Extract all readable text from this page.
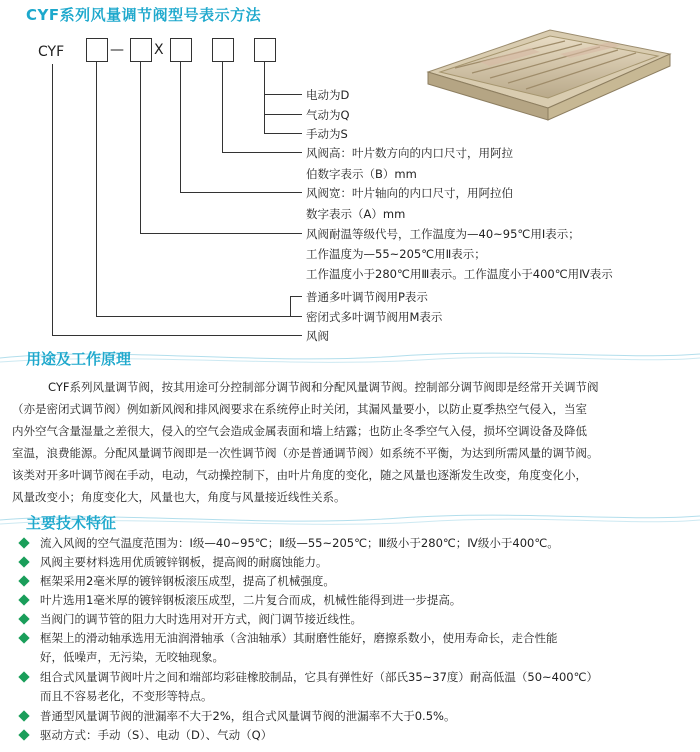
CYF系列风量调节阀型号表示方法
CYF	— X
电动为D
气动为Q
手动为S
风阀高：叶片数方向的内口尺寸，用阿拉
伯数字表示（B）mm
风阀宽：叶片轴向的内口尺寸，用阿拉伯
数字表示（A）mm
风阀耐温等级代号，工作温度为—40~95℃用Ⅰ表示；
工作温度为—55~205℃用Ⅱ表示；
工作温度小于280℃用Ⅲ表示。工作温度小于400℃用Ⅳ表示
普通多叶调节阀用P表示
密闭式多叶调节阀用M表示
风阀
用途及工作原理

CYF系列风量调节阀，按其用途可分控制部分调节阀和分配风量调节阀。控制部分调节阀即是经常开关调节阀

（亦是密闭式调节阀）例如新风阀和排风阀要求在系统停止时关闭，其漏风量要小，以防止夏季热空气侵入，当室

内外空气含量湿量之差很大，侵入的空气会造成金属表面和墙上结露；也防止冬季空气入侵，损坏空调设备及降低

室温，浪费能源。分配风量调节阀即是一次性调节阀（亦是普通调节阀）如系统不平衡，为达到所需风量的调节阀。

该类对开多叶调节阀在手动，电动，气动操控制下，由叶片角度的变化，随之风量也逐渐发生改变，角度变化小，

风量改变小；角度变化大，风量也大，角度与风量接近线性关系。

主要技术特征
流入风阀的空气温度范围为：Ⅰ级—40~95℃；Ⅱ级—55~205℃；Ⅲ级小于280℃；Ⅳ级小于400℃。
风阀主要材料选用优质镀锌钢板，提高阀的耐腐蚀能力。
框架采用2毫米厚的镀锌钢板滚压成型，提高了机械强度。
叶片选用1毫米厚的镀锌钢板滚压成型，二片复合而成，机械性能得到进一步提高。
当阀门的调节管的阻力大时选用对开方式，阀门调节接近线性。
框架上的滑动轴承选用无油润滑轴承（含油轴承）其耐磨性能好，磨擦系数小，使用寿命长，走合性能
好，低噪声，无污染，无咬轴现象。
组合式风量调节阀叶片之间和端部均彩硅橡胶制品，它具有弹性好（部氏35~37度）耐高低温（50~400℃）
而且不容易老化，不变形等特点。
普通型风量调节阀的泄漏率不大于2%，组合式风量调节阀的泄漏率不大于0.5%。
驱动方式：手动（S）、电动（D）、气动（Q）
